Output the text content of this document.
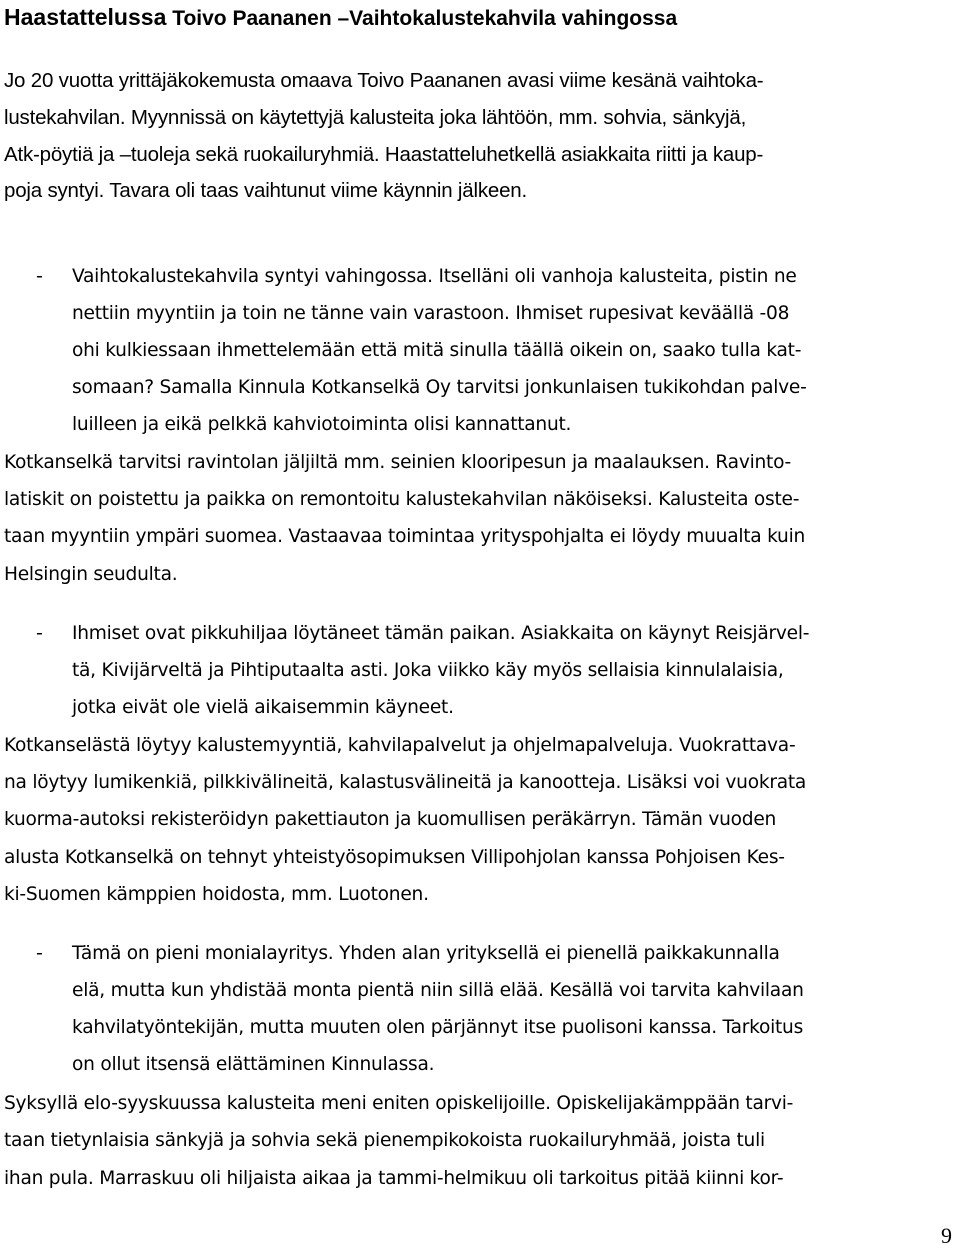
Haastattelussa Toivo Paananen –Vaihtokalustekahvila vahingossa
Jo 20 vuotta yrittäjäkokemusta omaava Toivo Paananen avasi viime kesänä vaihtoka-
lustekahvilan. Myynnissä on käytettyjä kalusteita joka lähtöön, mm. sohvia, sänkyjä,
Atk-pöytiä ja –tuoleja sekä ruokailuryhmiä. Haastatteluhetkellä asiakkaita riitti ja kaup-
poja syntyi. Tavara oli taas vaihtunut viime käynnin jälkeen.
-	Vaihtokalustekahvila syntyi vahingossa. Itselläni oli vanhoja kalusteita, pistin ne
nettiin myyntiin ja toin ne tänne vain varastoon. Ihmiset rupesivat keväällä -08
ohi kulkiessaan ihmettelemään että mitä sinulla täällä oikein on, saako tulla kat-
somaan? Samalla Kinnula Kotkanselkä Oy tarvitsi jonkunlaisen tukikohdan palve-
luilleen ja eikä pelkkä kahviotoiminta olisi kannattanut.
Kotkanselkä tarvitsi ravintolan jäljiltä mm. seinien klooripesun ja maalauksen. Ravinto-
latiskit on poistettu ja paikka on remontoitu kalustekahvilan näköiseksi. Kalusteita oste-
taan myyntiin ympäri suomea. Vastaavaa toimintaa yrityspohjalta ei löydy muualta kuin
Helsingin seudulta.
-	Ihmiset ovat pikkuhiljaa löytäneet tämän paikan. Asiakkaita on käynyt Reisjärvel-
tä, Kivijärveltä ja Pihtiputaalta asti. Joka viikko käy myös sellaisia kinnulalaisia,
jotka eivät ole vielä aikaisemmin käyneet.
Kotkanselästä löytyy kalustemyyntiä, kahvilapalvelut ja ohjelmapalveluja. Vuokrattava-
na löytyy lumikenkiä, pilkkivälineitä, kalastusvälineitä ja kanootteja. Lisäksi voi vuokrata
kuorma-autoksi rekisteröidyn pakettiauton ja kuomullisen peräkärryn. Tämän vuoden
alusta Kotkanselkä on tehnyt yhteistyösopimuksen Villipohjolan kanssa Pohjoisen Kes-
ki-Suomen kämppien hoidosta, mm. Luotonen.
-	Tämä on pieni monialayritys. Yhden alan yrityksellä ei pienellä paikkakunnalla
elä, mutta kun yhdistää monta pientä niin sillä elää. Kesällä voi tarvita kahvilaan
kahvilatyöntekijän, mutta muuten olen pärjännyt itse puolisoni kanssa. Tarkoitus
on ollut itsensä elättäminen Kinnulassa.
Syksyllä elo-syyskuussa kalusteita meni eniten opiskelijoille. Opiskelijakämppään tarvi-
taan tietynlaisia sänkyjä ja sohvia sekä pienempikokoista ruokailuryhmää, joista tuli
ihan pula. Marraskuu oli hiljaista aikaa ja tammi-helmikuu oli tarkoitus pitää kiinni kor-
9
